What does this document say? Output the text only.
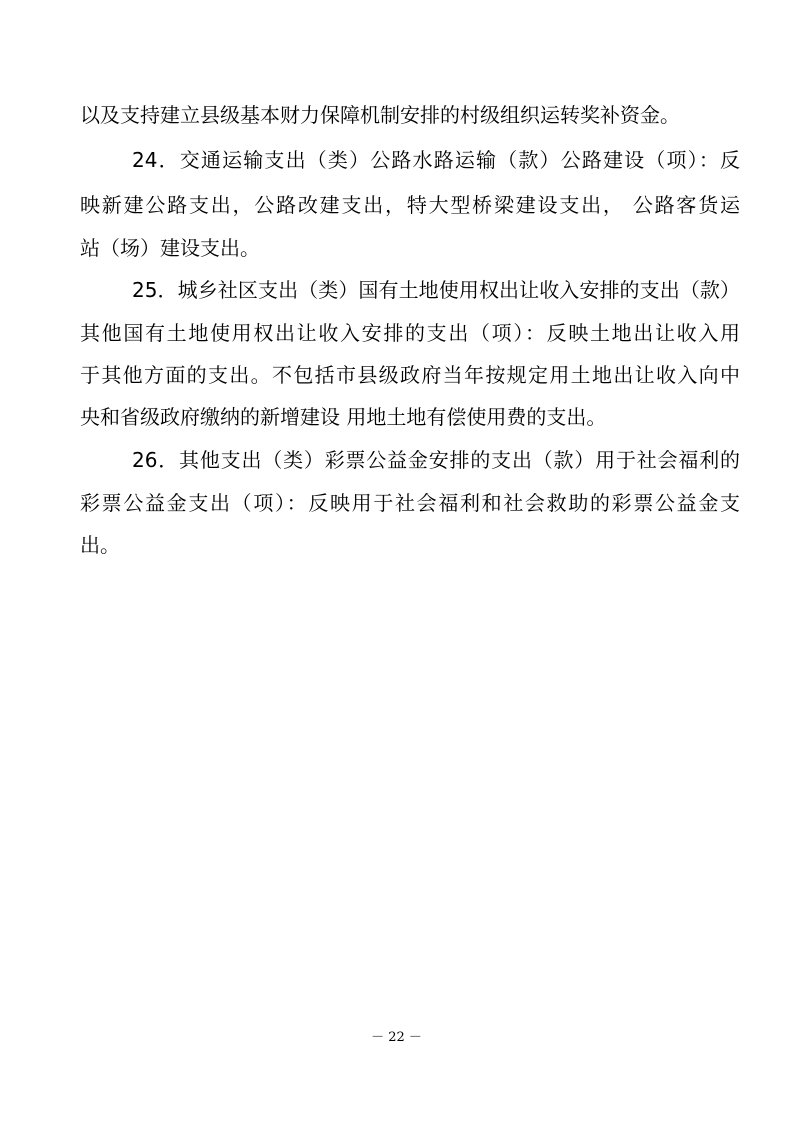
以及支持建立县级基本财力保障机制安排的村级组织运转奖补资金。
24．交通运输支出（类）公路水路运输（款）公路建设（项）：反
映新建公路支出，公路改建支出，特大型桥梁建设支出， 公路客货运
站（场）建设支出。
25．城乡社区支出（类）国有土地使用权出让收入安排的支出（款）
其他国有土地使用权出让收入安排的支出（项）：反映土地出让收入用
于其他方面的支出。不包括市县级政府当年按规定用土地出让收入向中
央和省级政府缴纳的新增建设 用地土地有偿使用费的支出。
26．其他支出（类）彩票公益金安排的支出（款）用于社会福利的
彩票公益金支出（项）：反映用于社会福利和社会救助的彩票公益金支
出。
－ 22 －
